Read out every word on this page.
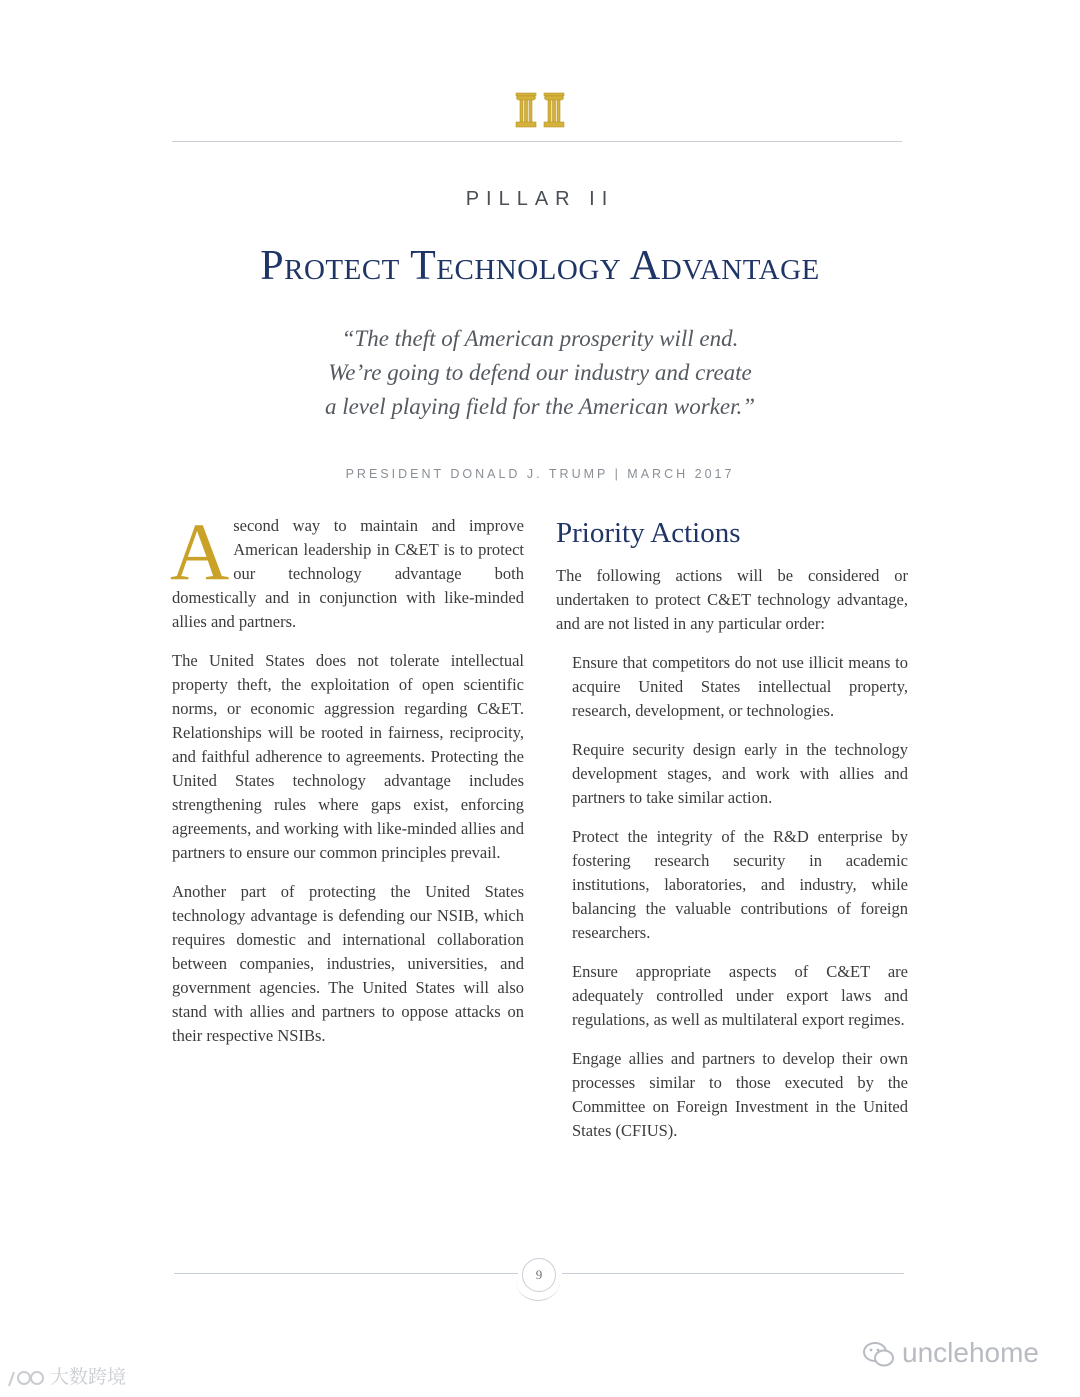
PILLAR II
Protect Technology Advantage
“The theft of American prosperity will end.
We’re going to defend our industry and create
a level playing field for the American worker.”
PRESIDENT DONALD J. TRUMP | MARCH 2017

Asecond way to maintain and improve American leadership in C&ET is to protect our technology advantage both domestically and in conjunction with like-minded allies and partners.

The United States does not tolerate intellectual property theft, the exploitation of open scientific norms, or economic aggression regarding C&ET. Relationships will be rooted in fairness, reciprocity, and faithful adherence to agreements. Protecting the United States technology advantage includes strengthening rules where gaps exist, enforcing agreements, and working with like-minded allies and partners to ensure our common principles prevail.

Another part of protecting the United States technology advantage is defending our NSIB, which requires domestic and international collaboration between companies, industries, universities, and government agencies. The United States will also stand with allies and partners to oppose attacks on their respective NSIBs.

Priority Actions

The following actions will be considered or undertaken to protect C&ET technology advantage, and are not listed in any particular order:

Ensure that competitors do not use illicit means to acquire United States intellectual property, research, development, or technologies.

Require security design early in the technology development stages, and work with allies and partners to take similar action.

Protect the integrity of the R&D enterprise by fostering research security in academic institutions, laboratories, and industry, while balancing the valuable contributions of foreign researchers.

Ensure appropriate aspects of C&ET are adequately controlled under export laws and regulations, as well as multilateral export regimes.

Engage allies and partners to develop their own processes similar to those executed by the Committee on Foreign Investment in the United States (CFIUS).

9
unclehome
大数跨境
